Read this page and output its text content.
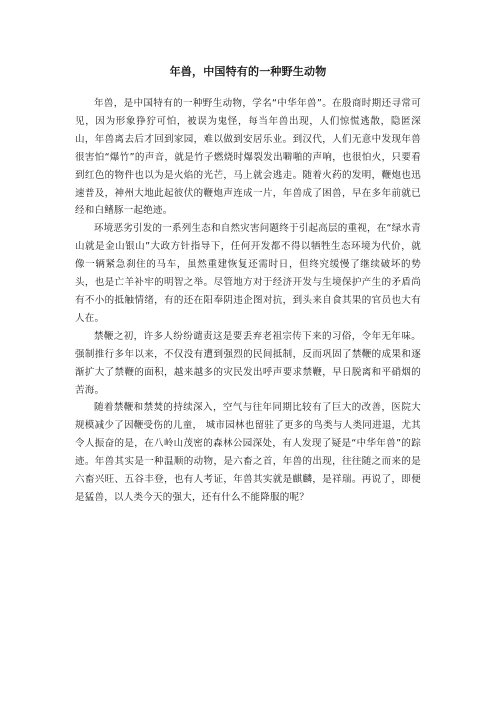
年兽，中国特有的一种野生动物

年兽，是中国特有的一种野生动物，学名“中华年兽”。在殷商时期还寻常可见，因为形象狰狞可怕，被误为鬼怪，每当年兽出现，人们惊慌逃散，隐匿深山，年兽离去后才回到家园，难以做到安居乐业。到汉代，人们无意中发现年兽很害怕“爆竹”的声音，就是竹子燃烧时爆裂发出噼啪的声响，也很怕火，只要看到红色的物件也以为是火焰的光芒，马上就会逃走。随着火药的发明，鞭炮也迅速普及，神州大地此起彼伏的鞭炮声连成一片，年兽成了困兽，早在多年前就已经和白鳍豚一起绝迹。

环境恶劣引发的一系列生态和自然灾害问题终于引起高层的重视，在“绿水青山就是金山银山”大政方针指导下，任何开发都不得以牺牲生态环境为代价，就像一辆紧急刹住的马车，虽然重建恢复还需时日，但终究缓慢了继续破坏的势头，也是亡羊补牢的明智之举。尽管地方对于经济开发与生境保护产生的矛盾尚有不小的抵触情绪，有的还在阳奉阴违企图对抗，到头来自食其果的官员也大有人在。

禁鞭之初，许多人纷纷谴责这是要丢弃老祖宗传下来的习俗，令年无年味。强制推行多年以来，不仅没有遭到强烈的民间抵制，反而巩固了禁鞭的成果和逐渐扩大了禁鞭的面积，越来越多的灾民发出呼声要求禁鞭，早日脱离和平硝烟的苦海。

随着禁鞭和禁焚的持续深入，空气与往年同期比较有了巨大的改善，医院大规模减少了因鞭受伤的儿童， 城市园林也留驻了更多的鸟类与人类同进退，尤其令人振奋的是，在八岭山茂密的森林公园深处，有人发现了疑是“中华年兽”的踪迹。年兽其实是一种温顺的动物，是六畜之首，年兽的出现，往往随之而来的是六畜兴旺、五谷丰登，也有人考证，年兽其实就是麒麟，是祥瑞。再说了，即便是猛兽，以人类今天的强大，还有什么不能降服的呢？
